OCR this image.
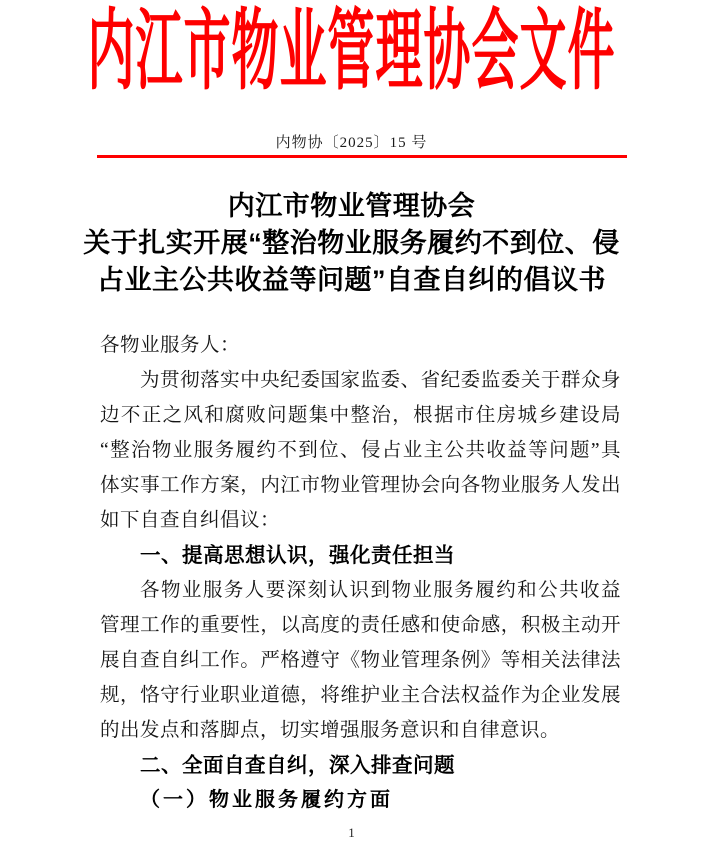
内江市物业管理协会文件
内物协〔2025〕15 号
内江市物业管理协会
关于扎实开展“整治物业服务履约不到位、侵
占业主公共收益等问题”自查自纠的倡议书
各物业服务人：
为贯彻落实中央纪委国家监委、省纪委监委关于群众身
边不正之风和腐败问题集中整治，根据市住房城乡建设局
“整治物业服务履约不到位、侵占业主公共收益等问题”具
体实事工作方案，内江市物业管理协会向各物业服务人发出
如下自查自纠倡议：
一、提高思想认识，强化责任担当
各物业服务人要深刻认识到物业服务履约和公共收益
管理工作的重要性，以高度的责任感和使命感，积极主动开
展自查自纠工作。严格遵守《物业管理条例》等相关法律法
规，恪守行业职业道德，将维护业主合法权益作为企业发展
的出发点和落脚点，切实增强服务意识和自律意识。
二、全面自查自纠，深入排查问题
（一）物业服务履约方面
1
